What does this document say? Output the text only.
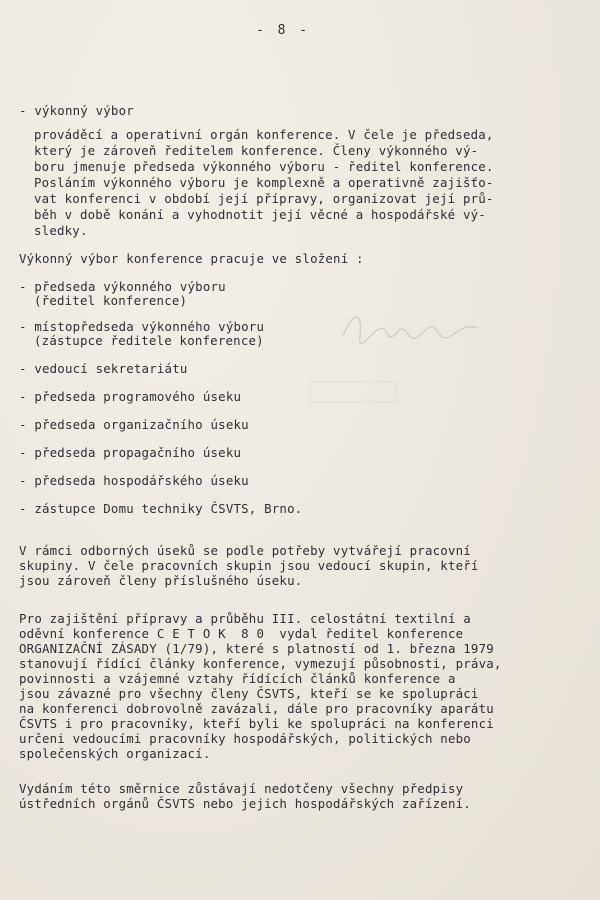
- 8 -
- výkonný výbor
prováděcí a operativní orgán konference. V čele je předseda,
který je zároveň ředitelem konference. Členy výkonného vý-
boru jmenuje předseda výkonného výboru - ředitel konference.
Posláním výkonného výboru je komplexně a operativně zajišťo-
vat konferenci v období její přípravy, organizovat její prů-
běh v době konání a vyhodnotit její věcné a hospodářské vý-
sledky.
Výkonný výbor konference pracuje ve složení :
- předseda výkonného výboru
(ředitel konference)
- místopředseda výkonného výboru
(zástupce ředitele konference)
- vedoucí sekretariátu
- předseda programového úseku
- předseda organizačního úseku
- předseda propagačního úseku
- předseda hospodářského úseku
- zástupce Domu techniky ČSVTS, Brno.
V rámci odborných úseků se podle potřeby vytvářejí pracovní
skupiny. V čele pracovních skupin jsou vedoucí skupin, kteří
jsou zároveň členy příslušného úseku.
Pro zajištění přípravy a průběhu III. celostátní textilní a
oděvní konference C E T O K  8 0  vydal ředitel konference
ORGANIZAČNÍ ZÁSADY (1/79), které s platností od 1. března 1979
stanovují řídící články konference, vymezují působnosti, práva,
povinnosti a vzájemné vztahy řídících článků konference a
jsou závazné pro všechny členy ČSVTS, kteří se ke spolupráci
na konferenci dobrovolně zavázali, dále pro pracovníky aparátu
ČSVTS i pro pracovníky, kteří byli ke spolupráci na konferenci
určeni vedoucími pracovníky hospodářských, politických nebo
společenských organizací.
Vydáním této směrnice zůstávají nedotčeny všechny předpisy
ústředních orgánů ČSVTS nebo jejich hospodářských zařízení.
